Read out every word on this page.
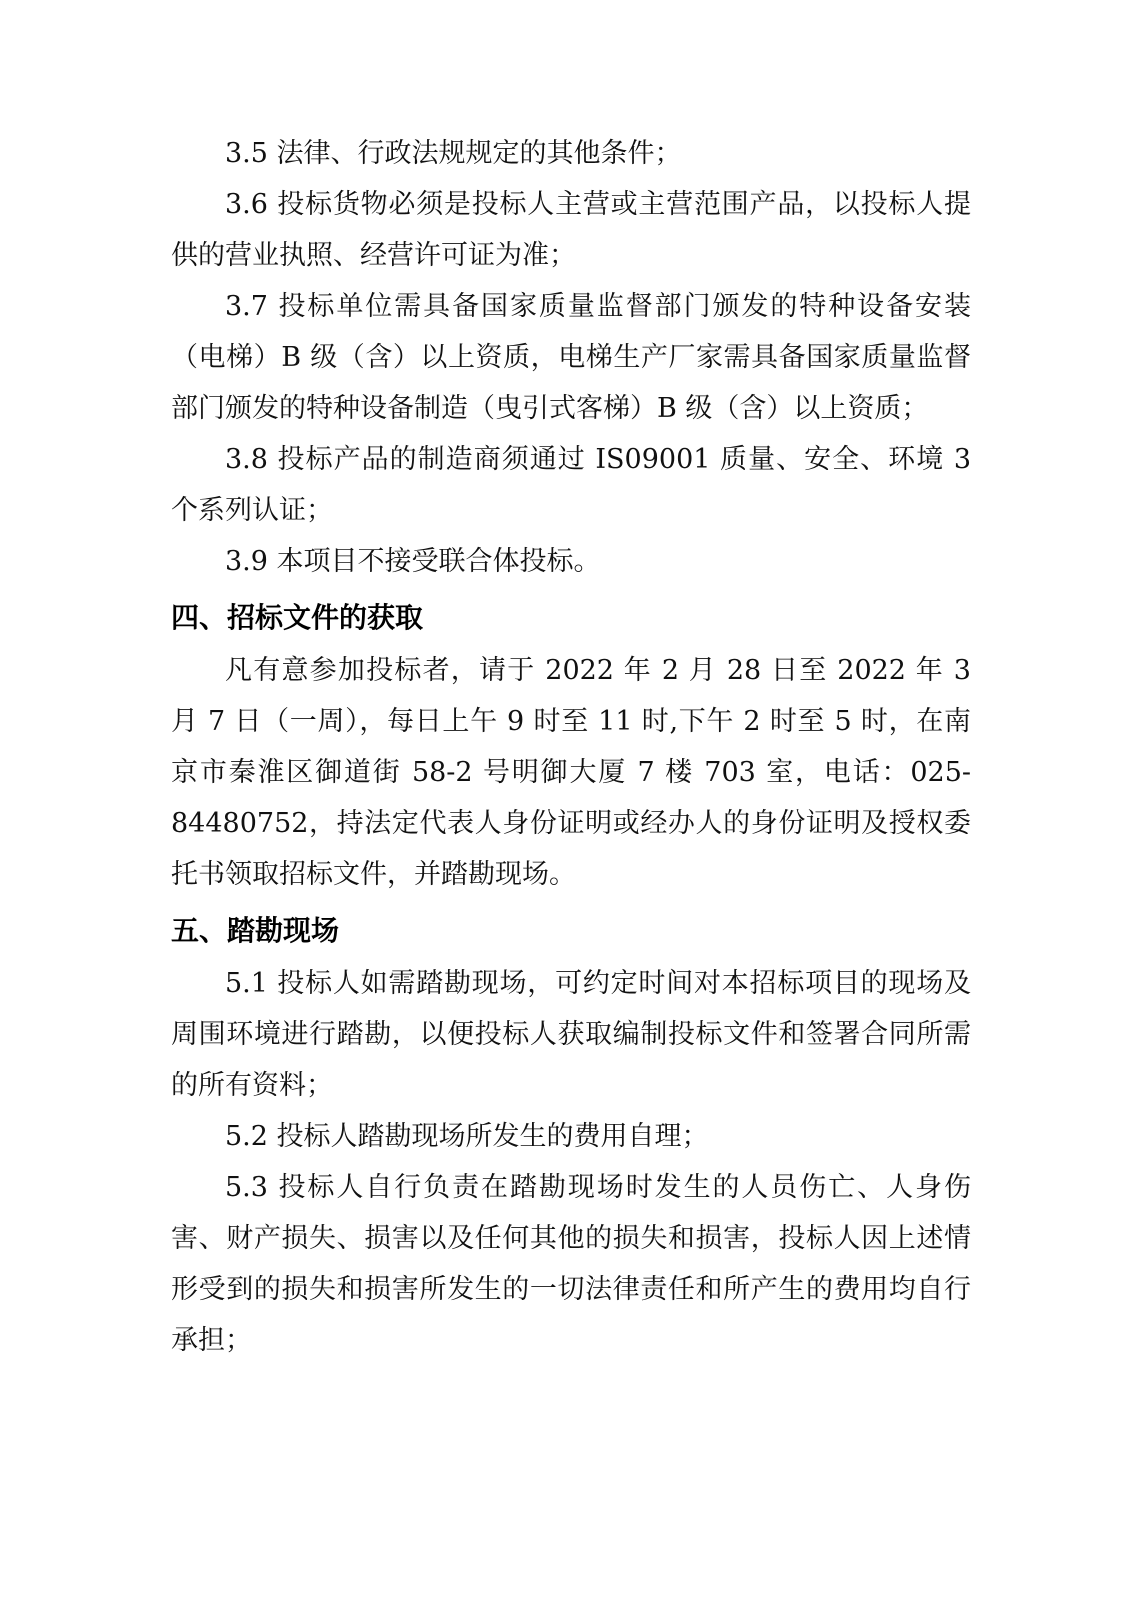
3.5 法律、行政法规规定的其他条件；

3.6 投标货物必须是投标人主营或主营范围产品，以投标人提供的营业执照、经营许可证为准；

3.7 投标单位需具备国家质量监督部门颁发的特种设备安装（电梯）B 级（含）以上资质，电梯生产厂家需具备国家质量监督部门颁发的特种设备制造（曳引式客梯）B 级（含）以上资质；

3.8 投标产品的制造商须通过 IS09001 质量、安全、环境 3 个系列认证；

3.9 本项目不接受联合体投标。

四、招标文件的获取

凡有意参加投标者，请于 2022 年 2 月 28 日至 2022 年 3 月 7 日（一周），每日上午 9 时至 11 时,下午 2 时至 5 时，在南京市秦淮区御道街 58-2 号明御大厦 7 楼 703 室，电话：025-84480752，持法定代表人身份证明或经办人的身份证明及授权委托书领取招标文件，并踏勘现场。

五、踏勘现场

5.1 投标人如需踏勘现场，可约定时间对本招标项目的现场及周围环境进行踏勘，以便投标人获取编制投标文件和签署合同所需的所有资料；

5.2 投标人踏勘现场所发生的费用自理；

5.3 投标人自行负责在踏勘现场时发生的人员伤亡、人身伤害、财产损失、损害以及任何其他的损失和损害，投标人因上述情形受到的损失和损害所发生的一切法律责任和所产生的费用均自行承担；
